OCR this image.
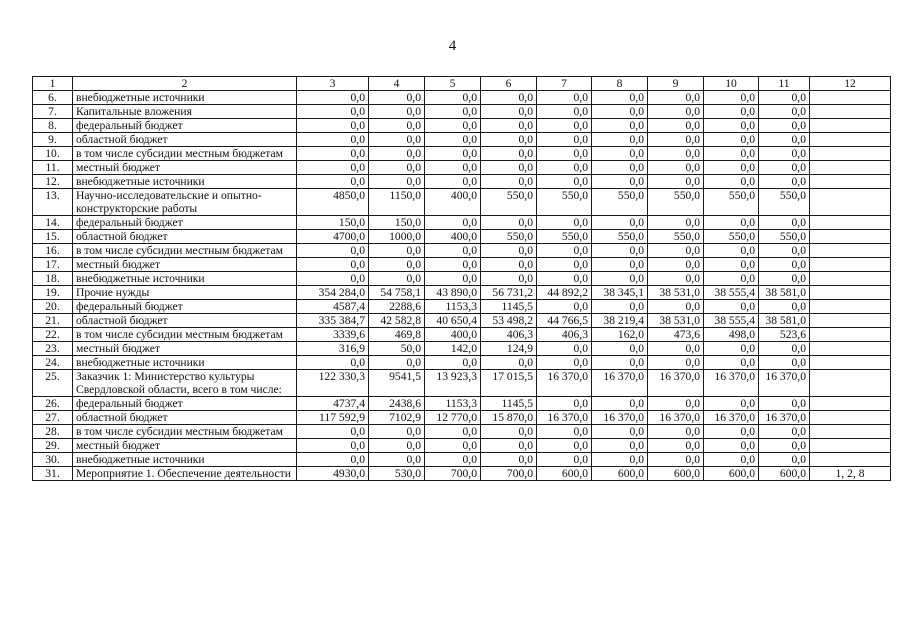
4
1	2	3	4	5	6	7	8	9	10	11	12
6.	внебюджетные источники	0,0	0,0	0,0	0,0	0,0	0,0	0,0	0,0	0,0	
7.	Капитальные вложения	0,0	0,0	0,0	0,0	0,0	0,0	0,0	0,0	0,0	
8.	федеральный бюджет	0,0	0,0	0,0	0,0	0,0	0,0	0,0	0,0	0,0	
9.	областной бюджет	0,0	0,0	0,0	0,0	0,0	0,0	0,0	0,0	0,0	
10.	в том числе субсидии местным бюджетам	0,0	0,0	0,0	0,0	0,0	0,0	0,0	0,0	0,0	
11.	местный бюджет	0,0	0,0	0,0	0,0	0,0	0,0	0,0	0,0	0,0	
12.	внебюджетные источники	0,0	0,0	0,0	0,0	0,0	0,0	0,0	0,0	0,0	
13.	Научно-исследовательские и опытно-конструкторские работы	4850,0	1150,0	400,0	550,0	550,0	550,0	550,0	550,0	550,0	
14.	федеральный бюджет	150,0	150,0	0,0	0,0	0,0	0,0	0,0	0,0	0,0	
15.	областной бюджет	4700,0	1000,0	400,0	550,0	550,0	550,0	550,0	550,0	550,0	
16.	в том числе субсидии местным бюджетам	0,0	0,0	0,0	0,0	0,0	0,0	0,0	0,0	0,0	
17.	местный бюджет	0,0	0,0	0,0	0,0	0,0	0,0	0,0	0,0	0,0	
18.	внебюджетные источники	0,0	0,0	0,0	0,0	0,0	0,0	0,0	0,0	0,0	
19.	Прочие нужды	354 284,0	54 758,1	43 890,0	56 731,2	44 892,2	38 345,1	38 531,0	38 555,4	38 581,0	
20.	федеральный бюджет	4587,4	2288,6	1153,3	1145,5	0,0	0,0	0,0	0,0	0,0	
21.	областной бюджет	335 384,7	42 582,8	40 650,4	53 498,2	44 766,5	38 219,4	38 531,0	38 555,4	38 581,0	
22.	в том числе субсидии местным бюджетам	3339,6	469,8	400,0	406,3	406,3	162,0	473,6	498,0	523,6	
23.	местный бюджет	316,9	50,0	142,0	124,9	0,0	0,0	0,0	0,0	0,0	
24.	внебюджетные источники	0,0	0,0	0,0	0,0	0,0	0,0	0,0	0,0	0,0	
25.	Заказчик 1: Министерство культуры Свердловской области, всего в том числе:	122 330,3	9541,5	13 923,3	17 015,5	16 370,0	16 370,0	16 370,0	16 370,0	16 370,0	
26.	федеральный бюджет	4737,4	2438,6	1153,3	1145,5	0,0	0,0	0,0	0,0	0,0	
27.	областной бюджет	117 592,9	7102,9	12 770,0	15 870,0	16 370,0	16 370,0	16 370,0	16 370,0	16 370,0	
28.	в том числе субсидии местным бюджетам	0,0	0,0	0,0	0,0	0,0	0,0	0,0	0,0	0,0	
29.	местный бюджет	0,0	0,0	0,0	0,0	0,0	0,0	0,0	0,0	0,0	
30.	внебюджетные источники	0,0	0,0	0,0	0,0	0,0	0,0	0,0	0,0	0,0	
31.	Мероприятие 1. Обеспечение деятельности	4930,0	530,0	700,0	700,0	600,0	600,0	600,0	600,0	600,0	1, 2, 8
